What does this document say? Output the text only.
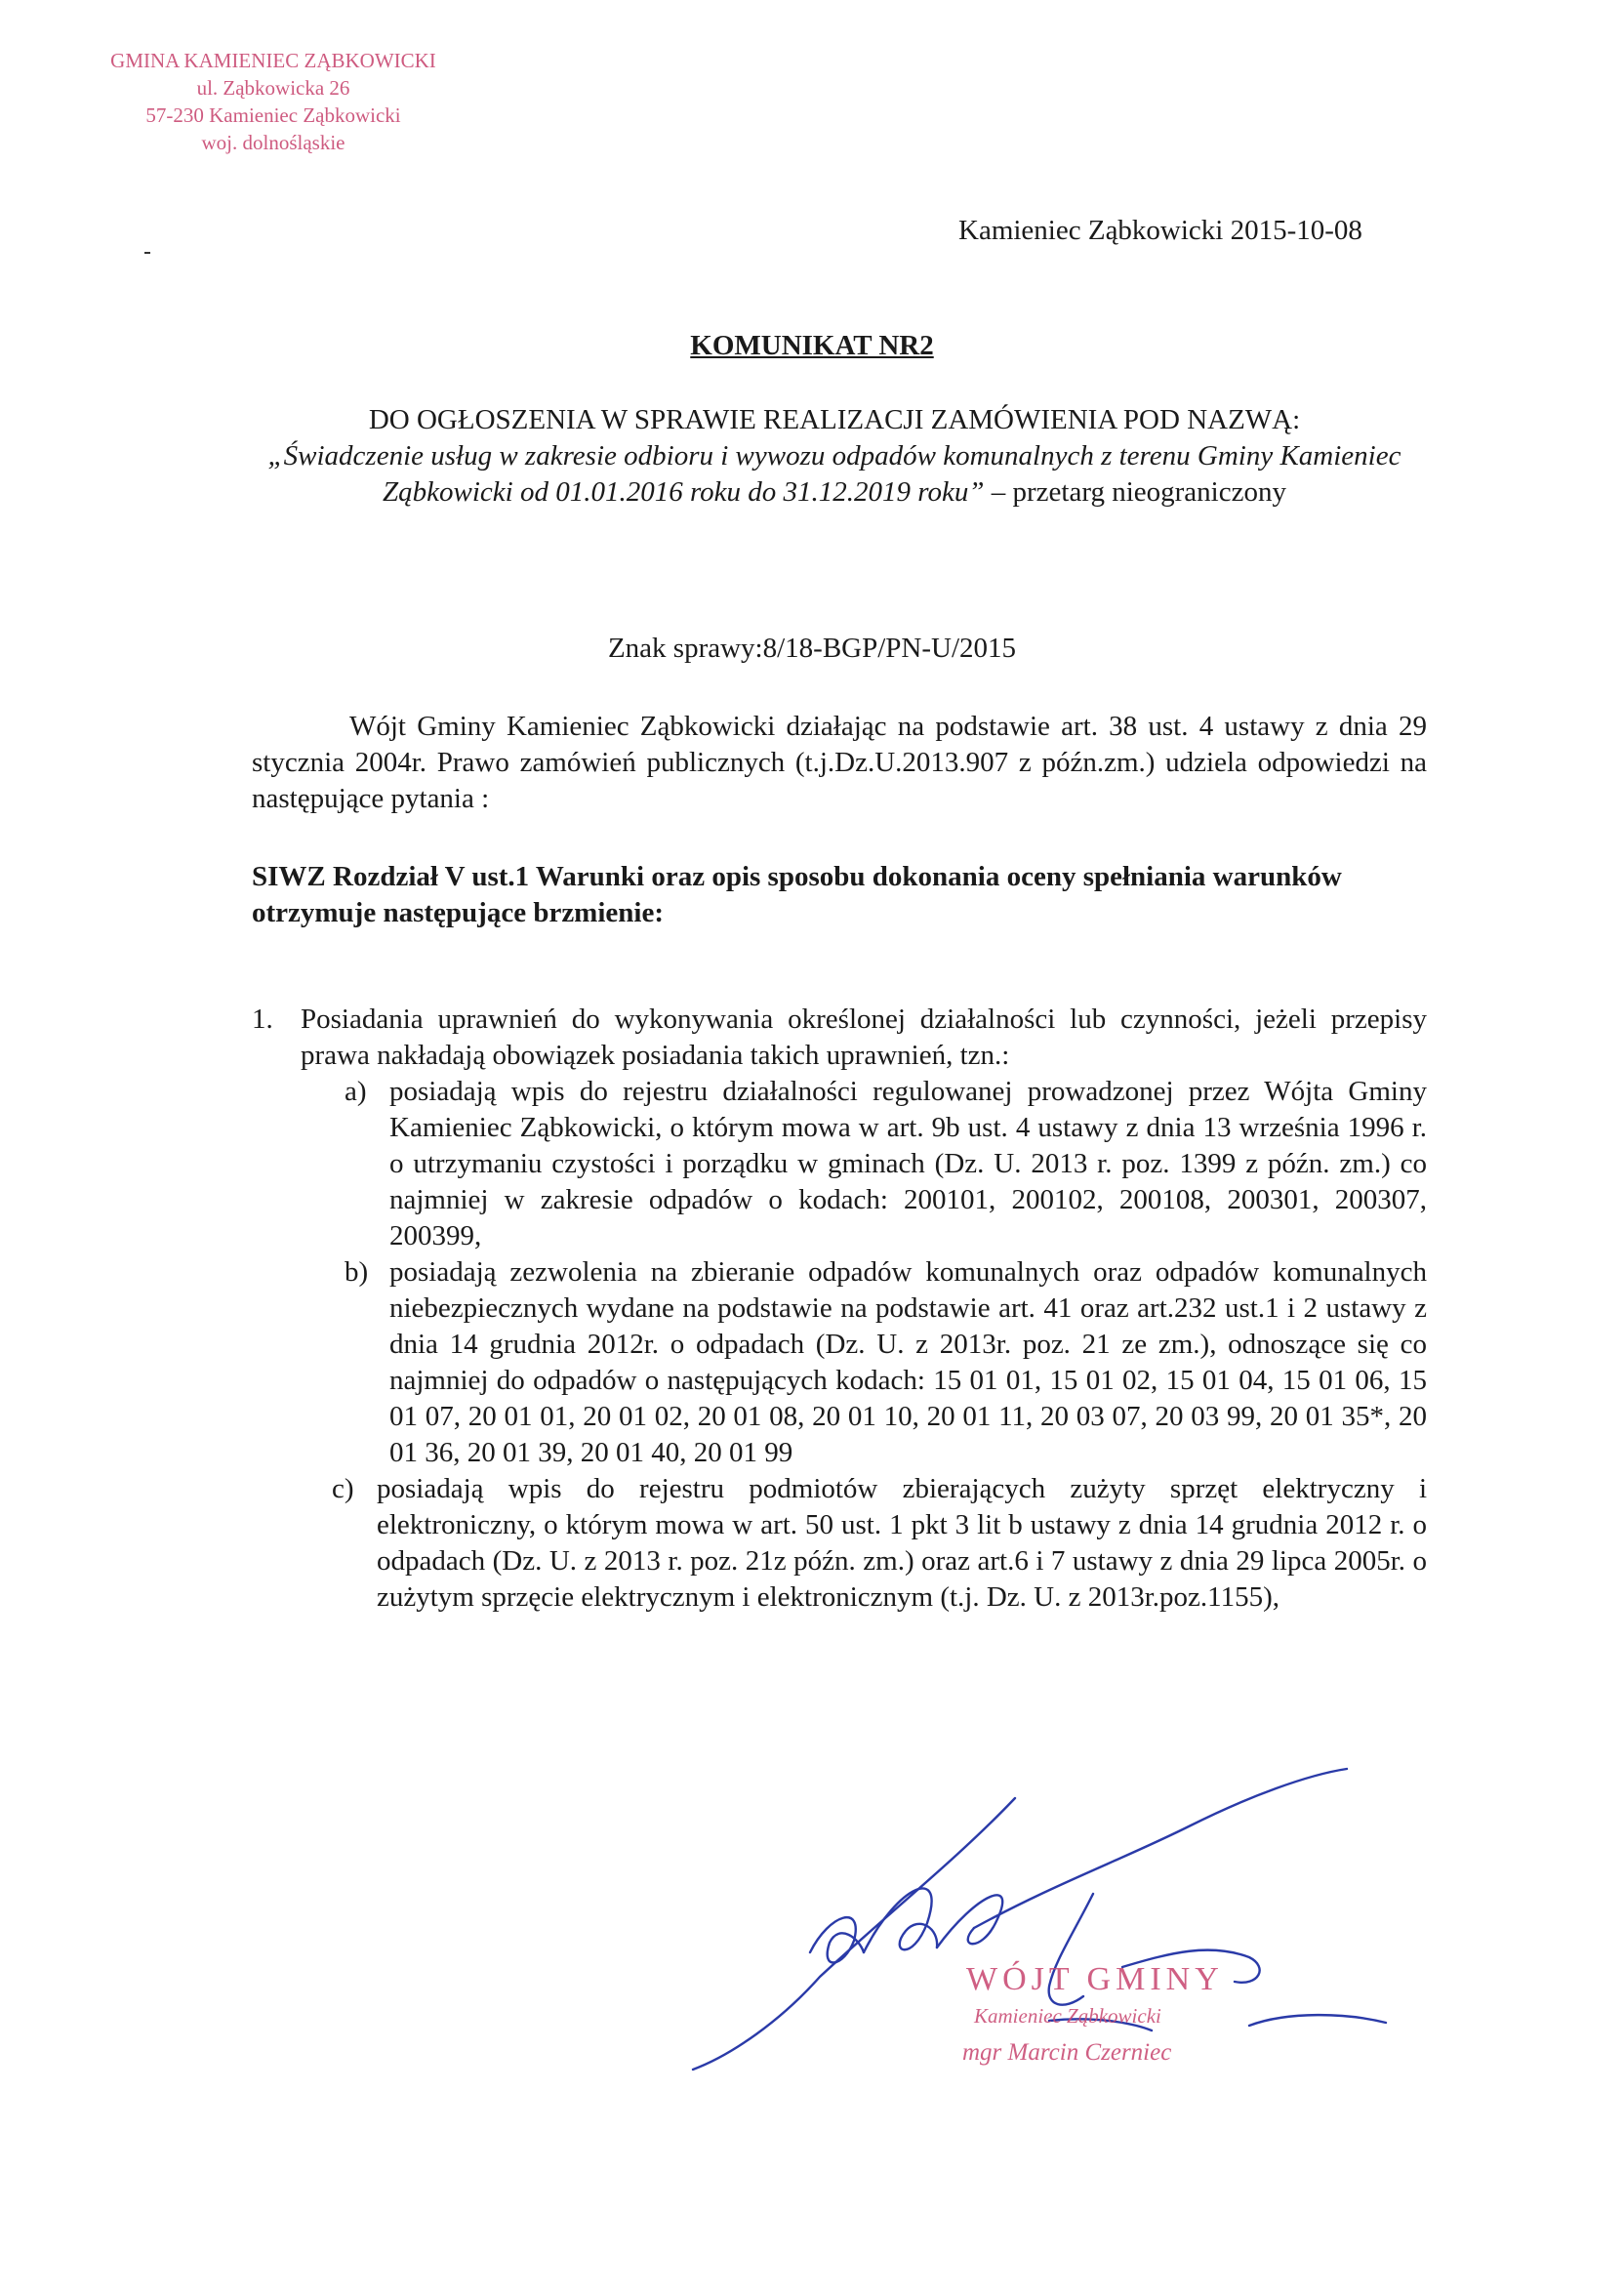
GMINA KAMIENIEC ZĄBKOWICKI
ul. Ząbkowicka 26
57-230 Kamieniec Ząbkowicki
woj. dolnośląskie
Kamieniec Ząbkowicki 2015-10-08
KOMUNIKAT NR2
DO OGŁOSZENIA W SPRAWIE REALIZACJI ZAMÓWIENIA POD NAZWĄ:
„Świadczenie usług w zakresie odbioru i wywozu odpadów komunalnych z terenu Gminy Kamieniec Ząbkowicki od 01.01.2016 roku do 31.12.2019 roku” – przetarg nieograniczony
Znak sprawy:8/18-BGP/PN-U/2015
Wójt Gminy Kamieniec Ząbkowicki działając na podstawie art. 38 ust. 4 ustawy z dnia 29 stycznia 2004r. Prawo zamówień publicznych (t.j.Dz.U.2013.907 z późn.zm.) udziela odpowiedzi na następujące pytania :
SIWZ Rozdział V ust.1 Warunki oraz opis sposobu dokonania oceny spełniania warunków otrzymuje następujące brzmienie:
1. Posiadania uprawnień do wykonywania określonej działalności lub czynności, jeżeli przepisy prawa nakładają obowiązek posiadania takich uprawnień, tzn.:
a) posiadają wpis do rejestru działalności regulowanej prowadzonej przez Wójta Gminy Kamieniec Ząbkowicki, o którym mowa w art. 9b ust. 4 ustawy z dnia 13 września 1996 r. o utrzymaniu czystości i porządku w gminach (Dz. U. 2013 r. poz. 1399 z późn. zm.) co najmniej w zakresie odpadów o kodach: 200101, 200102, 200108, 200301, 200307, 200399,
b) posiadają zezwolenia na zbieranie odpadów komunalnych oraz odpadów komunalnych niebezpiecznych wydane na podstawie na podstawie art. 41 oraz art.232 ust.1 i 2 ustawy z dnia 14 grudnia 2012r. o odpadach (Dz. U. z 2013r. poz. 21 ze zm.), odnoszące się co najmniej do odpadów o następujących kodach: 15 01 01, 15 01 02, 15 01 04, 15 01 06, 15 01 07, 20 01 01, 20 01 02, 20 01 08, 20 01 10, 20 01 11, 20 03 07, 20 03 99, 20 01 35*, 20 01 36, 20 01 39, 20 01 40, 20 01 99
c) posiadają wpis do rejestru podmiotów zbierających zużyty sprzęt elektryczny i elektroniczny, o którym mowa w art. 50 ust. 1 pkt 3 lit b ustawy z dnia 14 grudnia 2012 r. o odpadach (Dz. U. z 2013 r. poz. 21z późn. zm.) oraz art.6 i 7 ustawy z dnia 29 lipca 2005r. o zużytym sprzęcie elektrycznym i elektronicznym (t.j. Dz. U. z 2013r.poz.1155),
WÓJT GMINY
Kamieniec Ząbkowicki
mgr Marcin Czerniec
